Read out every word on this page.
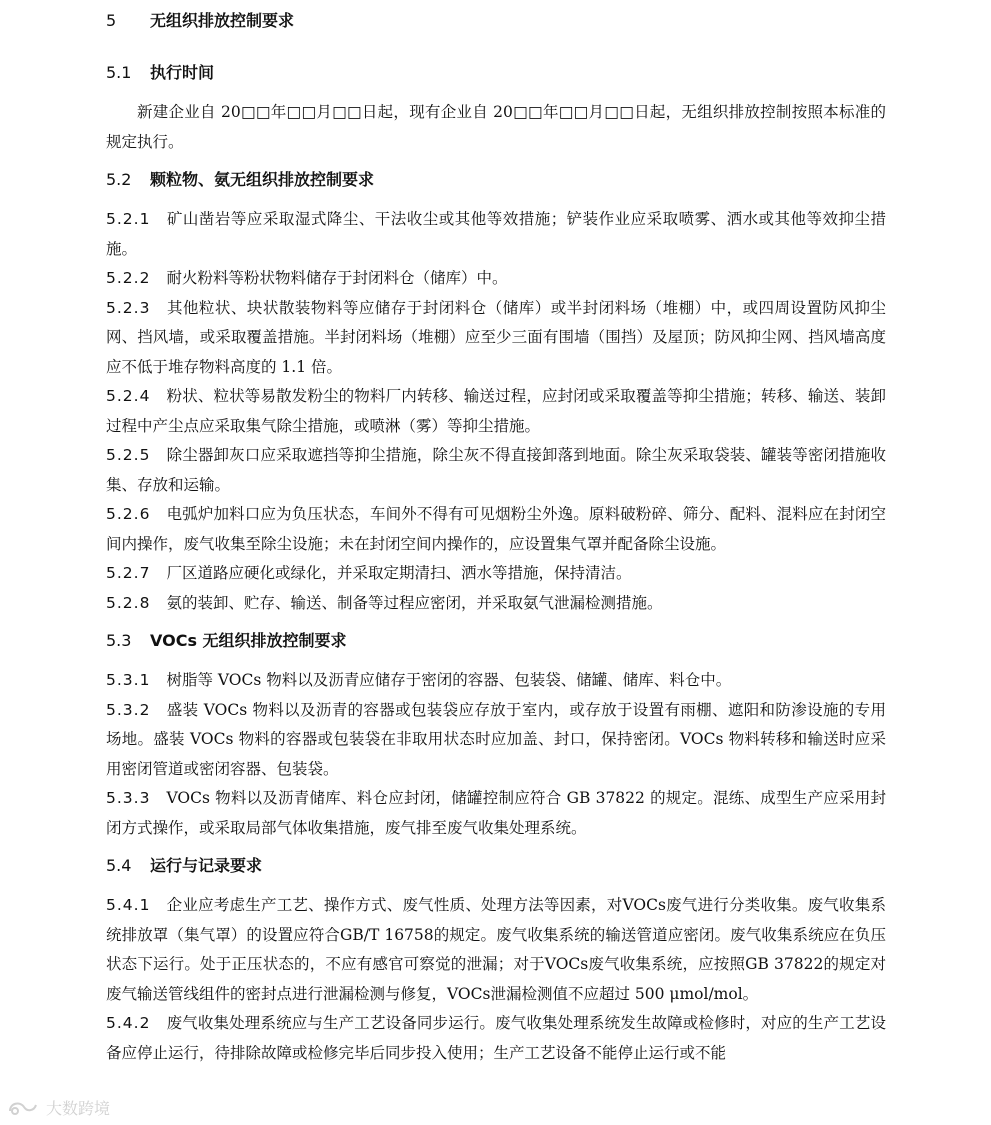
5	无组织排放控制要求
5.1	执行时间

新建企业自 20□□年□□月□□日起，现有企业自 20□□年□□月□□日起，无组织排放控制按照本标准的规定执行。

5.2	颗粒物、氨无组织排放控制要求

5.2.1 矿山凿岩等应采取湿式降尘、干法收尘或其他等效措施；铲装作业应采取喷雾、洒水或其他等效抑尘措施。

5.2.2 耐火粉料等粉状物料储存于封闭料仓（储库）中。

5.2.3 其他粒状、块状散装物料等应储存于封闭料仓（储库）或半封闭料场（堆棚）中，或四周设置防风抑尘网、挡风墙，或采取覆盖措施。半封闭料场（堆棚）应至少三面有围墙（围挡）及屋顶；防风抑尘网、挡风墙高度应不低于堆存物料高度的 1.1 倍。

5.2.4 粉状、粒状等易散发粉尘的物料厂内转移、输送过程，应封闭或采取覆盖等抑尘措施；转移、输送、装卸过程中产尘点应采取集气除尘措施，或喷淋（雾）等抑尘措施。

5.2.5 除尘器卸灰口应采取遮挡等抑尘措施，除尘灰不得直接卸落到地面。除尘灰采取袋装、罐装等密闭措施收集、存放和运输。

5.2.6 电弧炉加料口应为负压状态，车间外不得有可见烟粉尘外逸。原料破粉碎、筛分、配料、混料应在封闭空间内操作，废气收集至除尘设施；未在封闭空间内操作的，应设置集气罩并配备除尘设施。

5.2.7 厂区道路应硬化或绿化，并采取定期清扫、洒水等措施，保持清洁。

5.2.8 氨的装卸、贮存、输送、制备等过程应密闭，并采取氨气泄漏检测措施。

5.3	VOCs 无组织排放控制要求

5.3.1 树脂等 VOCs 物料以及沥青应储存于密闭的容器、包装袋、储罐、储库、料仓中。

5.3.2 盛装 VOCs 物料以及沥青的容器或包装袋应存放于室内，或存放于设置有雨棚、遮阳和防渗设施的专用场地。盛装 VOCs 物料的容器或包装袋在非取用状态时应加盖、封口，保持密闭。VOCs 物料转移和输送时应采用密闭管道或密闭容器、包装袋。

5.3.3 VOCs 物料以及沥青储库、料仓应封闭，储罐控制应符合 GB 37822 的规定。混练、成型生产应采用封闭方式操作，或采取局部气体收集措施，废气排至废气收集处理系统。

5.4	运行与记录要求

5.4.1 企业应考虑生产工艺、操作方式、废气性质、处理方法等因素，对VOCs废气进行分类收集。废气收集系统排放罩（集气罩）的设置应符合GB/T 16758的规定。废气收集系统的输送管道应密闭。废气收集系统应在负压状态下运行。处于正压状态的，不应有感官可察觉的泄漏；对于VOCs废气收集系统，应按照GB 37822的规定对废气输送管线组件的密封点进行泄漏检测与修复，VOCs泄漏检测值不应超过 500 μmol/mol。

5.4.2 废气收集处理系统应与生产工艺设备同步运行。废气收集处理系统发生故障或检修时，对应的生产工艺设备应停止运行，待排除故障或检修完毕后同步投入使用；生产工艺设备不能停止运行或不能

大数跨境
